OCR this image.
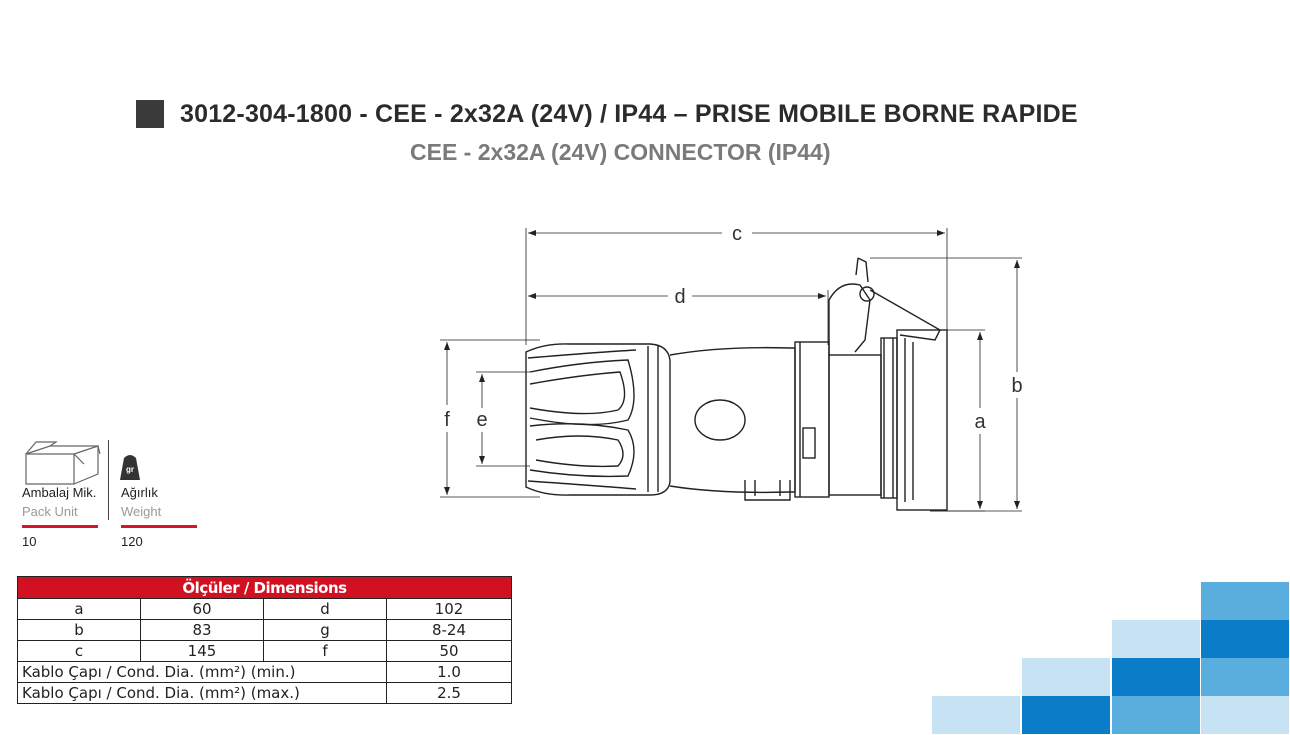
3012-304-1800 - CEE - 2x32A (24V) / IP44 – PRISE MOBILE BORNE RAPIDE
CEE - 2x32A (24V) CONNECTOR (IP44)
c
d
f e	a
b
gr
Ambalaj Mik.
Pack Unit
10
Ağırlık
Weight
120
Ölçüler / Dimensions			
a	60	d	102
b	83	g	8-24
c	145	f	50
Kablo Çapı / Cond. Dia. (mm²) (min.)			1.0
Kablo Çapı / Cond. Dia. (mm²) (max.)			2.5
